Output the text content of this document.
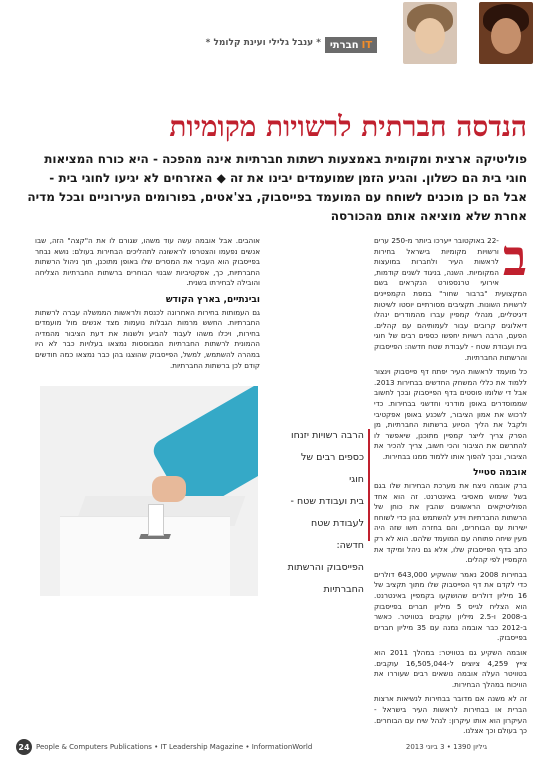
* ענבל גלילי ועינת קלומל * חברתי IT
הנדסה חברתית לרשויות מקומיות
פוליטיקה ארצית ומקומית באמצעות רשתות חברתיות אינה מהפכה - היא כורח המציאות
חוגי בית הם כשלון. והגיע הזמן שמועמדים יבינו את זה ◆ האזרחים לא יגיעו לחוגי בית -
אבל הם כן מוכנים לשוחח עם המועמד בפייסבוק, בצ'אטים, בפורומים העירוניים ובכל מדיה
אחרת שלא מוציאה אותם מהכורסה
ב

-22 באוקטובר ייערכו ביותר מ-250 ערים ורשויות מקומיות בישראל בחירות לראשות העיר ולחברות במועצות המקומיות. השנה, בניגוד לשנים קודמות, אירועי טרנספורט הנקראים בשם המקצועית "ברבור שחור" במפת הקמפיינים לרשויות השונות. תקציבים מסורתיים יוסטו לשיטות דיגיטליים, מנהלי קמפיין עברו מהמודרים ינהלו דיאלוגים קרובים עבור לעמותיהם עם קהלים. הפעם, הרבה רשויות יחפשו כספים רבים של חוגי בית ועבודת שטח - לעבודת שטח חדשה: הפייסבוק והרשתות החברתיות.

כל מועמד לראשות העיר יפתח דף פייסבוק וינצור ללמוד את כללי המשחק החדשים בבחירות 2013. אבל די שלומו פוסטים בדף הפייסבוק ובכך לחשוב שממוסדרים באופן מודרני וחדשני בבחירות. כדי לרכוש את אמון הציבור, לשכנע באופן אפקטיבי ולקבל את הליך הסיוע ברשתות החברתיות, מן הפרק צריך לייצר קמפיין מתוכנן, שיאפשר לו להתרשם את הציבור והכי חשוב, צריך להכיר את הציבור, ובכך להפוך אותו ללמוד ממנו בבחירות.

אובמה סטייל

ברק אובמה ניצח את מערכת הבחירות שלו בגם בשל שימוש מאסיבי באינטרנט. זה הוא אחד הפוליטיקאים הראשונים שהבין את כוחן של הרשתות החברתיות וידע להשתמש בהן כדי לשוחח ישירות עם הבוחרים, והם בחזרה חשו שזה היה מעין שיחה פתוחה עם המועמד שלהם. הוא לא רק כתב בדף הפייסבוק שלו, אלא גם ניהל ומיקד את הקמפיין לפי קהלים.

בבחירות 2008 נאמר שהשקיע 643,000 דולרים כדי לקדם את דף הפייסבוק שלו מתוך תקציב של 16 מיליון דולרים שהושקעו בקמפיין באינטרנט. הוא הצליח לגייס 5 מיליון חברים בפייסבוק ב-2008 ו-2.5 מיליון עוקבים בטוויטר. כאשר ב-2012 כבר אובמה נמנה עם 35 מיליון חברים בפייסבוק.

אובמה השקיע גם בטוויטר: במהלך 2011 הוא צייץ 4,259 ציוצים ל-16,505,044 עוקבים. בטוויטר העלה אובמה נושאים רבים שעוררו את הוויכוח במהלך הבחירות.

זה לא משנה אם מדובר בבחירות לנשיאות ארצות הברית או בבחירות לראשות העיר בישראל - העיקרון הוא אותו עיקרון: לנהל שיח עם הבוחרים. כך בעולם וכך אצלנו.

הרבה רשויות יזנחו
כספים רבים של חוגי
בית ועבודת שטח -
לעבודת שטח חדשה:
הפייסבוק והרשתות
החברתיות

אוהבים. אבל אובמה עשה עוד משהו, שגורם לו את ה"קצה" הזה, שבו אנשים נפעמו והצטרפו לראשונה לתהליכים הבחירות בעולם: נושא נבחר בפייסבוק הוא העביר את המסרים שלו באופן מתוכנן, תוך ניהול הרשתות החברתיות, כך, אפקטיביות שבנוי הבוחרים ברשתות החברתיות הצליחה והובילה לבחירתו בשנית.

ובינתיים, בארץ הקודש

גם העמותות בחירות האחרונה לכנסת ולראשות הממשלה עברה לרשתות החברתיות. החשש מרמות הגבלות נועמות מצד אנשים מול מועמדים בחירות, ויכלו משהו לעבוד להביע ולשנות את דעת הציבור מהמדיה ההמונית לרשתות החברתיות המבוססות נמצאו בעלויות כבר לא היו במהרה להשתמש, למשל, הפייסבוק שהוצגו בהן כבר נמצאו כמה חודשים קודם לכן ברשתות החברתיות.

24 People & Computers Publications • IT Leadership Magazine • InformationWorld	גיליון 1390 • 3 ביוני 2013
